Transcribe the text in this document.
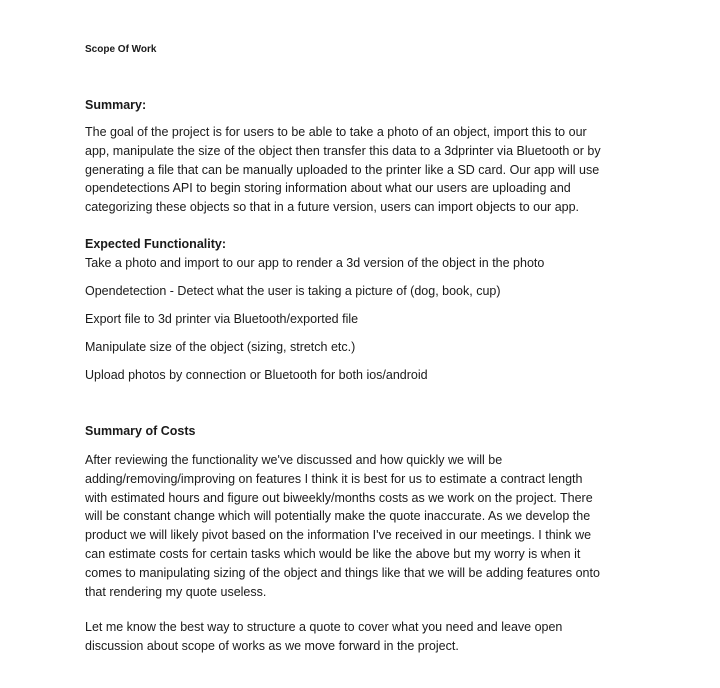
Scope Of Work
Summary:

The goal of the project is for users to be able to take a photo of an object, import this to our
app, manipulate the size of the object then transfer this data to a 3dprinter via Bluetooth or by
generating a file that can be manually uploaded to the printer like a SD card. Our app will use
opendetections API to begin storing information about what our users are uploading and
categorizing these objects so that in a future version, users can import objects to our app.

Expected Functionality:
Take a photo and import to our app to render a 3d version of the object in the photo
Opendetection - Detect what the user is taking a picture of (dog, book, cup)
Export file to 3d printer via Bluetooth/exported file
Manipulate size of the object (sizing, stretch etc.)
Upload photos by connection or Bluetooth for both ios/android
Summary of Costs

After reviewing the functionality we've discussed and how quickly we will be
adding/removing/improving on features I think it is best for us to estimate a contract length
with estimated hours and figure out biweekly/months costs as we work on the project. There
will be constant change which will potentially make the quote inaccurate. As we develop the
product we will likely pivot based on the information I've received in our meetings. I think we
can estimate costs for certain tasks which would be like the above but my worry is when it
comes to manipulating sizing of the object and things like that we will be adding features onto
that rendering my quote useless.

Let me know the best way to structure a quote to cover what you need and leave open
discussion about scope of works as we move forward in the project.
